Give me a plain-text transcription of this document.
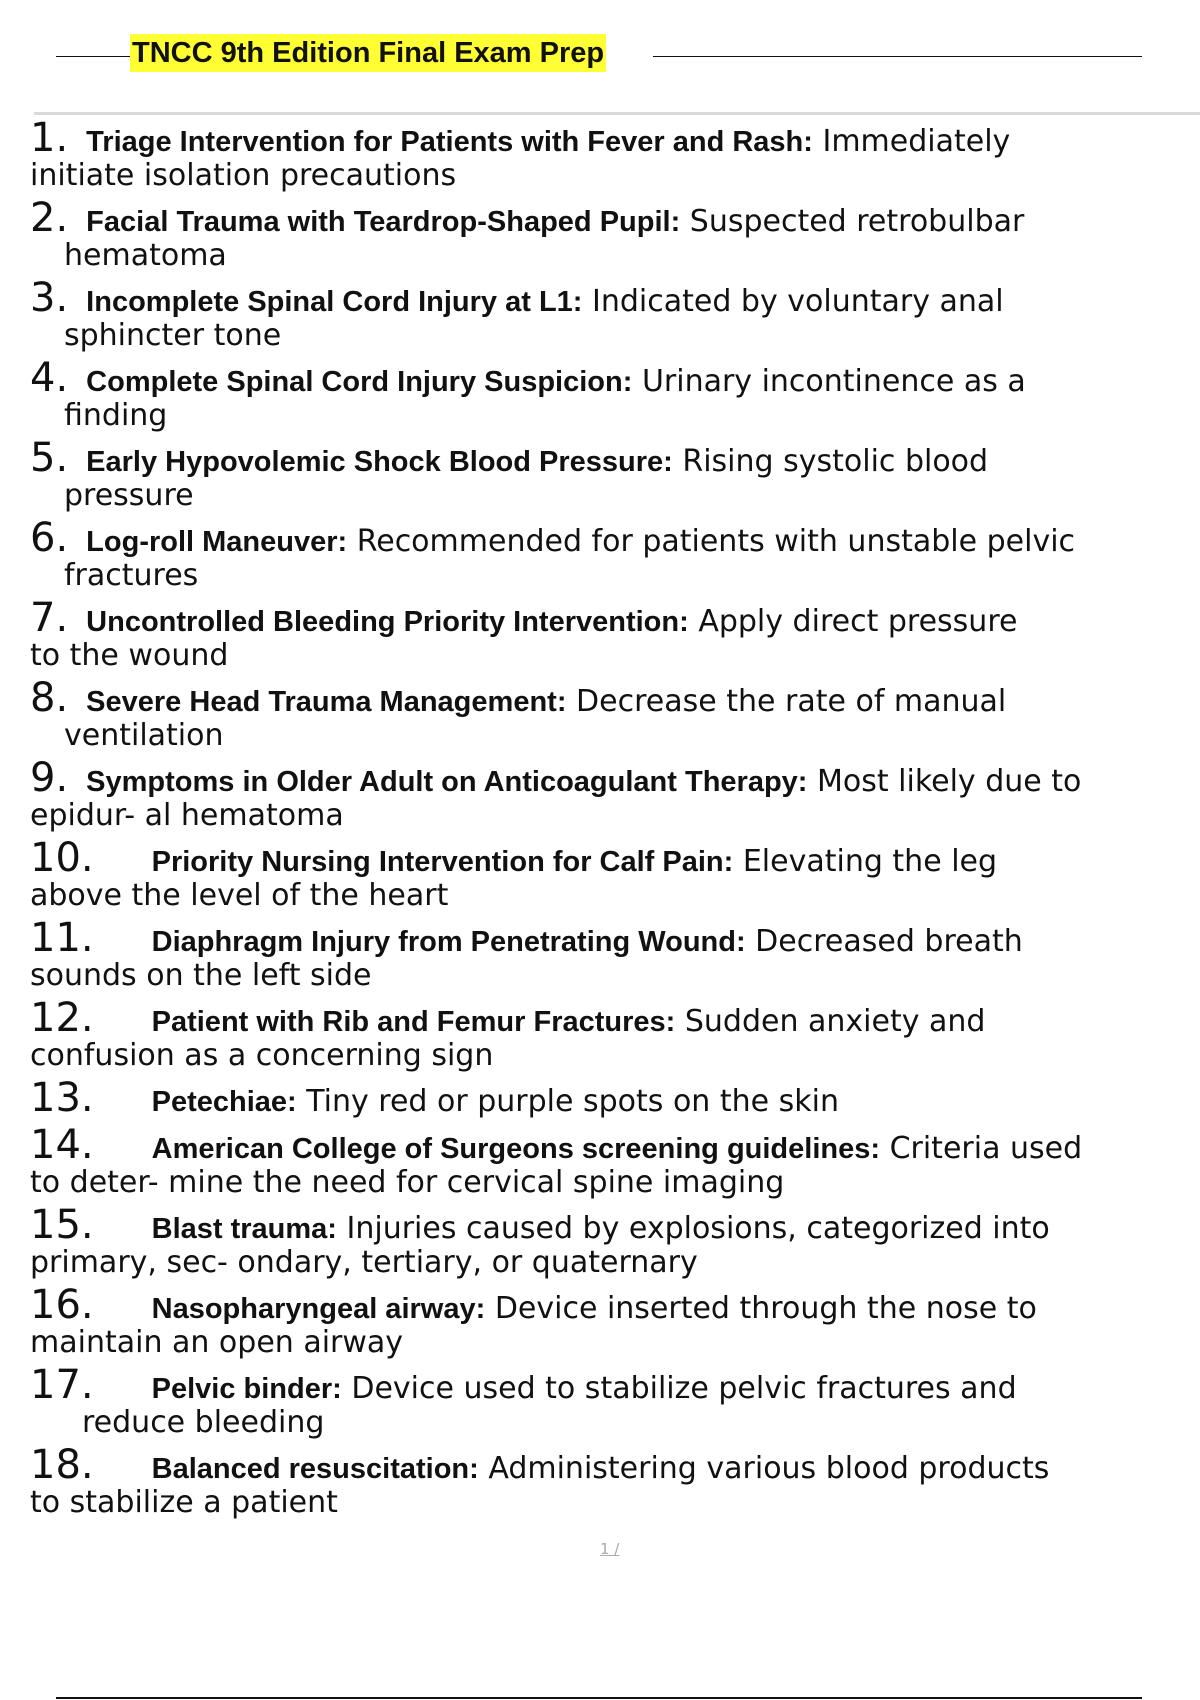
TNCC 9th Edition Final Exam Prep
1. Triage Intervention for Patients with Fever and Rash: Immediately
initiate isolation precautions
2. Facial Trauma with Teardrop-Shaped Pupil: Suspected retrobulbar
hematoma
3. Incomplete Spinal Cord Injury at L1: Indicated by voluntary anal
sphincter tone
4. Complete Spinal Cord Injury Suspicion: Urinary incontinence as a
finding
5. Early Hypovolemic Shock Blood Pressure: Rising systolic blood
pressure
6. Log-roll Maneuver: Recommended for patients with unstable pelvic
fractures
7. Uncontrolled Bleeding Priority Intervention: Apply direct pressure
to the wound
8. Severe Head Trauma Management: Decrease the rate of manual
ventilation
9. Symptoms in Older Adult on Anticoagulant Therapy: Most likely due to
epidur- al hematoma
10. Priority Nursing Intervention for Calf Pain: Elevating the leg
above the level of the heart
11. Diaphragm Injury from Penetrating Wound: Decreased breath
sounds on the left side
12. Patient with Rib and Femur Fractures: Sudden anxiety and
confusion as a concerning sign
13. Petechiae: Tiny red or purple spots on the skin
14. American College of Surgeons screening guidelines: Criteria used
to deter- mine the need for cervical spine imaging
15. Blast trauma: Injuries caused by explosions, categorized into
primary, sec- ondary, tertiary, or quaternary
16. Nasopharyngeal airway: Device inserted through the nose to
maintain an open airway
17. Pelvic binder: Device used to stabilize pelvic fractures and
reduce bleeding
18. Balanced resuscitation: Administering various blood products
to stabilize a patient
1 /
